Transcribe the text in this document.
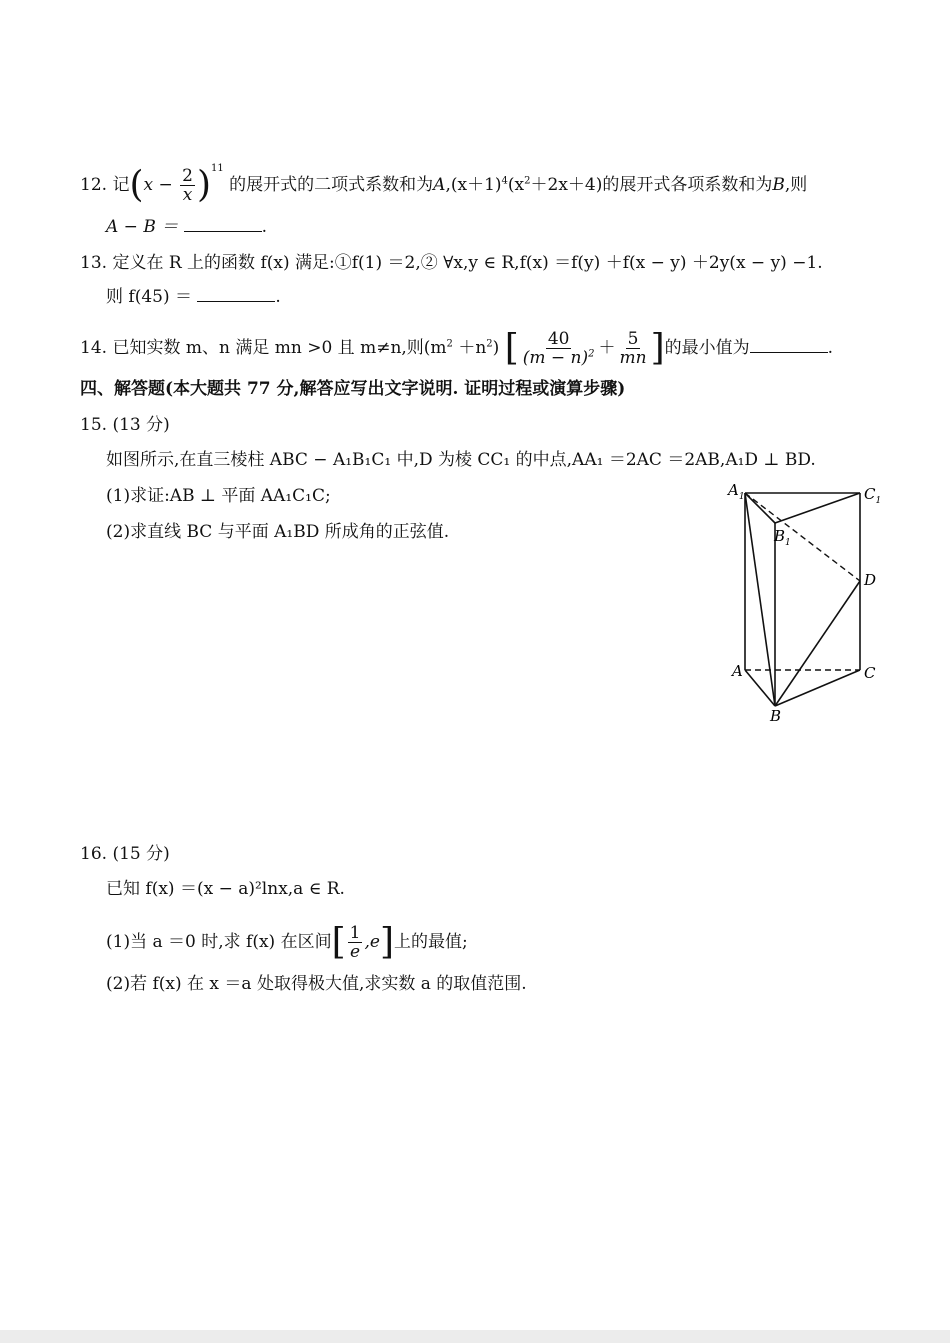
12. 记$(x - \frac{2}{x} )^{11}$ 的展开式的二项式系数和为$A,(x+1)^4(x^2+2x+4)$的展开式各项系数和为B,则
A − B ＝	.
13. 定义在 R 上的函数 f(x) 满足:①f(1) ＝2,② ∀x,y ∈ R,f(x) ＝f(y) ＋f(x − y) ＋2y(x − y) −1.
则 f(45) ＝	.
14. 已知实数 m、n 满足 mn >0 且 m≠n,则$(m^2 +n^2)$ [ $\frac{40}{(m - n)^2} + \frac{5}{mn}$ ]的最小值为	.
四、解答题(本大题共 77 分,解答应写出文字说明. 证明过程或演算步骤)
15. (13 分)
如图所示,在直三棱柱 ABC − A₁B₁C₁ 中,D 为棱 CC₁ 的中点,AA₁ ＝2AC ＝2AB,A₁D ⊥ BD.
(1)求证:AB ⊥ 平面 AA₁C₁C;
(2)求直线 BC 与平面 A₁BD 所成角的正弦值.
$A_1$	$C_1$
$B_1$
D
A	C
B
16. (15 分)
已知 f(x) ＝(x − a)²lnx,a ∈ R.
(1)当 a ＝0 时,求 f(x) 在区间[ $\frac{1}{e} ,e$]上的最值;
(2)若 f(x) 在 x ＝a 处取得极大值,求实数 a 的取值范围.
